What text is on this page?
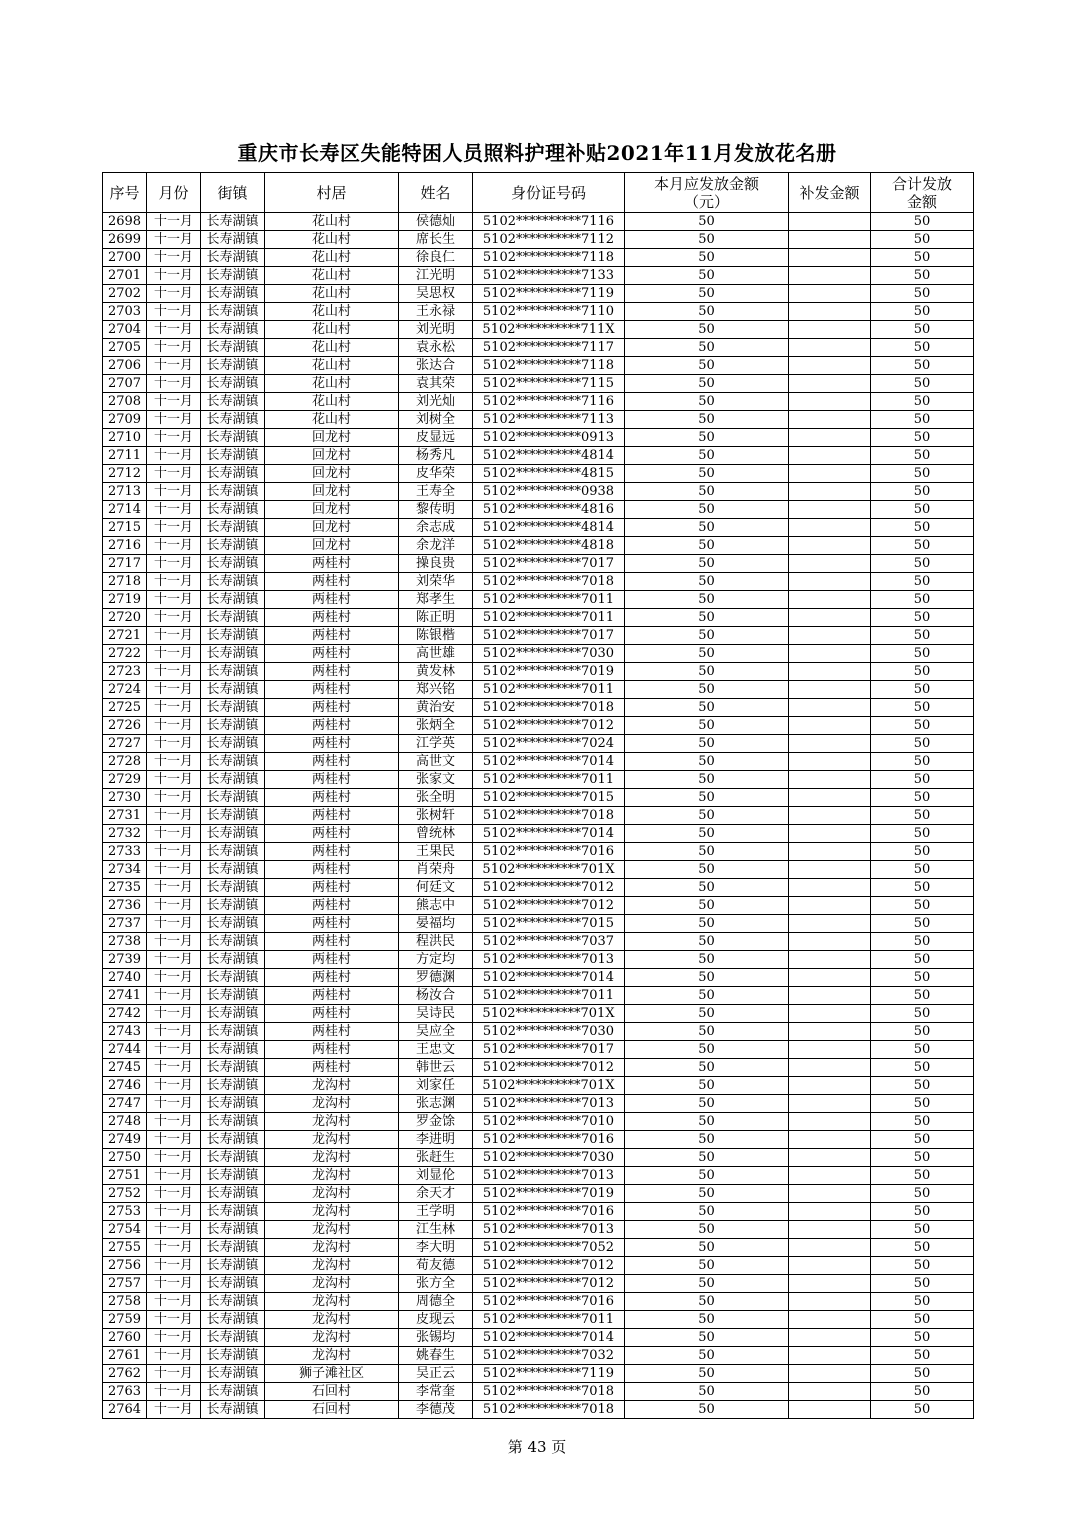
重庆市长寿区失能特困人员照料护理补贴2021年11月发放花名册
序号	月份	街镇	村居	姓名	身份证号码	本月应发放金额（元）	补发金额	合计发放金额
2698	十一月	长寿湖镇	花山村	侯德灿	5102**********7116	50		50
2699	十一月	长寿湖镇	花山村	席长生	5102**********7112	50		50
2700	十一月	长寿湖镇	花山村	徐良仁	5102**********7118	50		50
2701	十一月	长寿湖镇	花山村	江光明	5102**********7133	50		50
2702	十一月	长寿湖镇	花山村	吴思权	5102**********7119	50		50
2703	十一月	长寿湖镇	花山村	王永禄	5102**********7110	50		50
2704	十一月	长寿湖镇	花山村	刘光明	5102**********711X	50		50
2705	十一月	长寿湖镇	花山村	袁永松	5102**********7117	50		50
2706	十一月	长寿湖镇	花山村	张达合	5102**********7118	50		50
2707	十一月	长寿湖镇	花山村	袁其荣	5102**********7115	50		50
2708	十一月	长寿湖镇	花山村	刘光灿	5102**********7116	50		50
2709	十一月	长寿湖镇	花山村	刘树全	5102**********7113	50		50
2710	十一月	长寿湖镇	回龙村	皮显远	5102**********0913	50		50
2711	十一月	长寿湖镇	回龙村	杨秀凡	5102**********4814	50		50
2712	十一月	长寿湖镇	回龙村	皮华荣	5102**********4815	50		50
2713	十一月	长寿湖镇	回龙村	王寿全	5102**********0938	50		50
2714	十一月	长寿湖镇	回龙村	黎传明	5102**********4816	50		50
2715	十一月	长寿湖镇	回龙村	余志成	5102**********4814	50		50
2716	十一月	长寿湖镇	回龙村	余龙洋	5102**********4818	50		50
2717	十一月	长寿湖镇	两桂村	操良贵	5102**********7017	50		50
2718	十一月	长寿湖镇	两桂村	刘荣华	5102**********7018	50		50
2719	十一月	长寿湖镇	两桂村	郑孝生	5102**********7011	50		50
2720	十一月	长寿湖镇	两桂村	陈正明	5102**********7011	50		50
2721	十一月	长寿湖镇	两桂村	陈银楷	5102**********7017	50		50
2722	十一月	长寿湖镇	两桂村	高世雄	5102**********7030	50		50
2723	十一月	长寿湖镇	两桂村	黄发林	5102**********7019	50		50
2724	十一月	长寿湖镇	两桂村	郑兴铭	5102**********7011	50		50
2725	十一月	长寿湖镇	两桂村	黄治安	5102**********7018	50		50
2726	十一月	长寿湖镇	两桂村	张炳全	5102**********7012	50		50
2727	十一月	长寿湖镇	两桂村	江学英	5102**********7024	50		50
2728	十一月	长寿湖镇	两桂村	高世文	5102**********7014	50		50
2729	十一月	长寿湖镇	两桂村	张家文	5102**********7011	50		50
2730	十一月	长寿湖镇	两桂村	张全明	5102**********7015	50		50
2731	十一月	长寿湖镇	两桂村	张树轩	5102**********7018	50		50
2732	十一月	长寿湖镇	两桂村	曾统林	5102**********7014	50		50
2733	十一月	长寿湖镇	两桂村	王果民	5102**********7016	50		50
2734	十一月	长寿湖镇	两桂村	肖荣舟	5102**********701X	50		50
2735	十一月	长寿湖镇	两桂村	何廷文	5102**********7012	50		50
2736	十一月	长寿湖镇	两桂村	熊志中	5102**********7012	50		50
2737	十一月	长寿湖镇	两桂村	晏福均	5102**********7015	50		50
2738	十一月	长寿湖镇	两桂村	程洪民	5102**********7037	50		50
2739	十一月	长寿湖镇	两桂村	方定均	5102**********7013	50		50
2740	十一月	长寿湖镇	两桂村	罗德渊	5102**********7014	50		50
2741	十一月	长寿湖镇	两桂村	杨汝合	5102**********7011	50		50
2742	十一月	长寿湖镇	两桂村	吴诗民	5102**********701X	50		50
2743	十一月	长寿湖镇	两桂村	吴应全	5102**********7030	50		50
2744	十一月	长寿湖镇	两桂村	王忠文	5102**********7017	50		50
2745	十一月	长寿湖镇	两桂村	韩世云	5102**********7012	50		50
2746	十一月	长寿湖镇	龙沟村	刘家任	5102**********701X	50		50
2747	十一月	长寿湖镇	龙沟村	张志渊	5102**********7013	50		50
2748	十一月	长寿湖镇	龙沟村	罗金馀	5102**********7010	50		50
2749	十一月	长寿湖镇	龙沟村	李进明	5102**********7016	50		50
2750	十一月	长寿湖镇	龙沟村	张赶生	5102**********7030	50		50
2751	十一月	长寿湖镇	龙沟村	刘显伦	5102**********7013	50		50
2752	十一月	长寿湖镇	龙沟村	余天才	5102**********7019	50		50
2753	十一月	长寿湖镇	龙沟村	王学明	5102**********7016	50		50
2754	十一月	长寿湖镇	龙沟村	江生林	5102**********7013	50		50
2755	十一月	长寿湖镇	龙沟村	李大明	5102**********7052	50		50
2756	十一月	长寿湖镇	龙沟村	荀友德	5102**********7012	50		50
2757	十一月	长寿湖镇	龙沟村	张方全	5102**********7012	50		50
2758	十一月	长寿湖镇	龙沟村	周德全	5102**********7016	50		50
2759	十一月	长寿湖镇	龙沟村	皮现云	5102**********7011	50		50
2760	十一月	长寿湖镇	龙沟村	张锡均	5102**********7014	50		50
2761	十一月	长寿湖镇	龙沟村	姚春生	5102**********7032	50		50
2762	十一月	长寿湖镇	狮子滩社区	吴正云	5102**********7119	50		50
2763	十一月	长寿湖镇	石回村	李常奎	5102**********7018	50		50
2764	十一月	长寿湖镇	石回村	李德茂	5102**********7018	50		50
第 43 页
